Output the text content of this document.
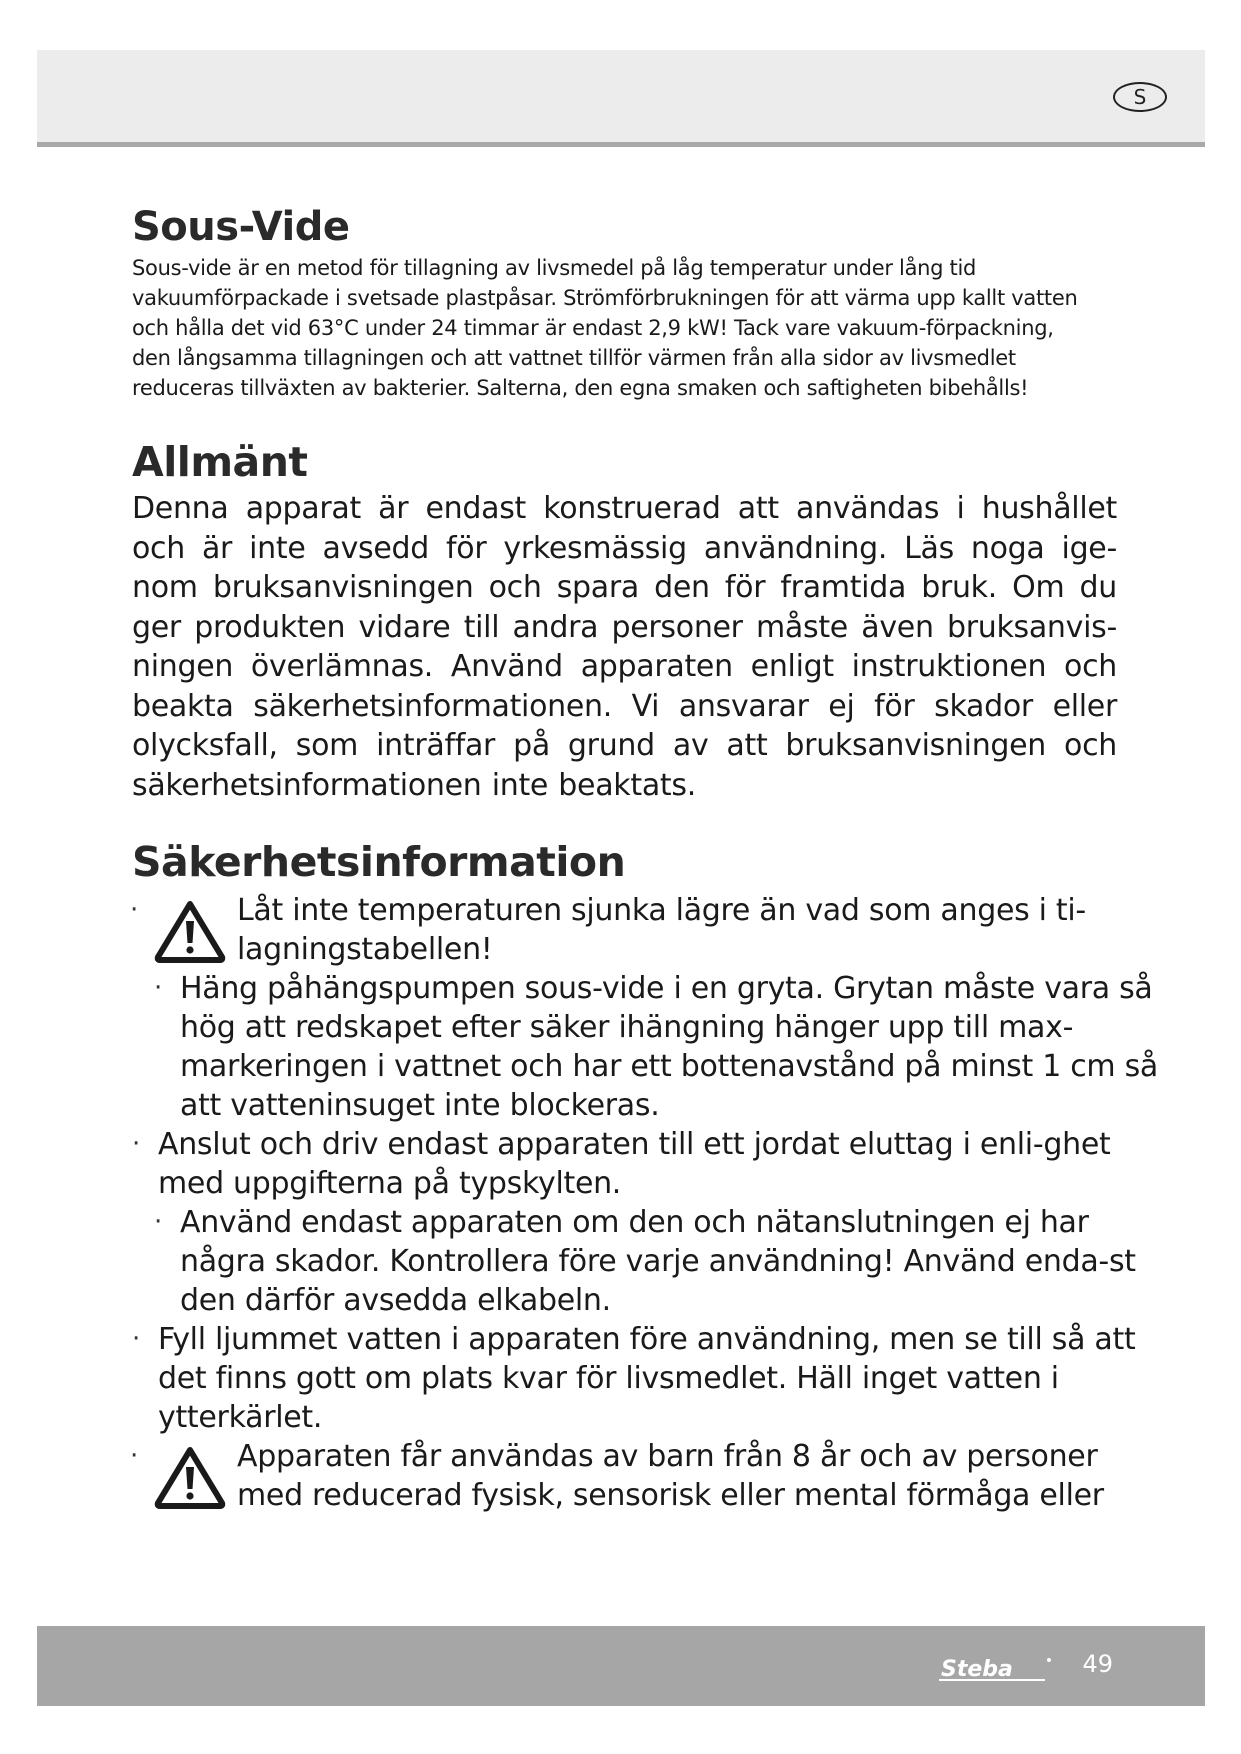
S
Sous-Vide

Sous-vide är en metod för tillagning av livsmedel på låg temperatur under lång tid vakuumförpackade i svetsade plastpåsar. Strömförbrukningen för att värma upp kallt vatten och hålla det vid 63°C under 24 timmar är endast 2,9 kW! Tack vare vakuum-förpackning, den långsamma tillagningen och att vattnet tillför värmen från alla sidor av livsmedlet reduceras tillväxten av bakterier. Salterna, den egna smaken och saftigheten bibehålls!

Allmänt

Denna apparat är endast konstruerad att användas i hushållet och är inte avsedd för yrkesmässig användning. Läs noga ige-nom bruksanvisningen och spara den för framtida bruk. Om du ger produkten vidare till andra personer måste även bruksanvis-ningen överlämnas. Använd apparaten enligt instruktionen och beakta säkerhetsinformationen. Vi ansvarar ej för skador eller olycksfall, som inträffar på grund av att bruksanvisningen och säkerhetsinformationen inte beaktats.

Säkerhetsinformation
·	Låt inte temperaturen sjunka lägre än vad som anges i ti-lagningstabellen!
· Häng påhängspumpen sous-vide i en gryta. Grytan måste vara så hög att redskapet efter säker ihängning hänger upp till max-markeringen i vattnet och har ett bottenavstånd på minst 1 cm så att vatteninsuget inte blockeras.
· Anslut och driv endast apparaten till ett jordat eluttag i enli-ghet med uppgifterna på typskylten.
· Använd endast apparaten om den och nätanslutningen ej har några skador. Kontrollera före varje användning! Använd enda-st den därför avsedda elkabeln.
· Fyll ljummet vatten i apparaten före användning, men se till så att det finns gott om plats kvar för livsmedlet. Häll inget vatten i ytterkärlet.
·	Apparaten får användas av barn från 8 år och av personer med reducerad fysisk, sensorisk eller mental förmåga eller
Steba	49
